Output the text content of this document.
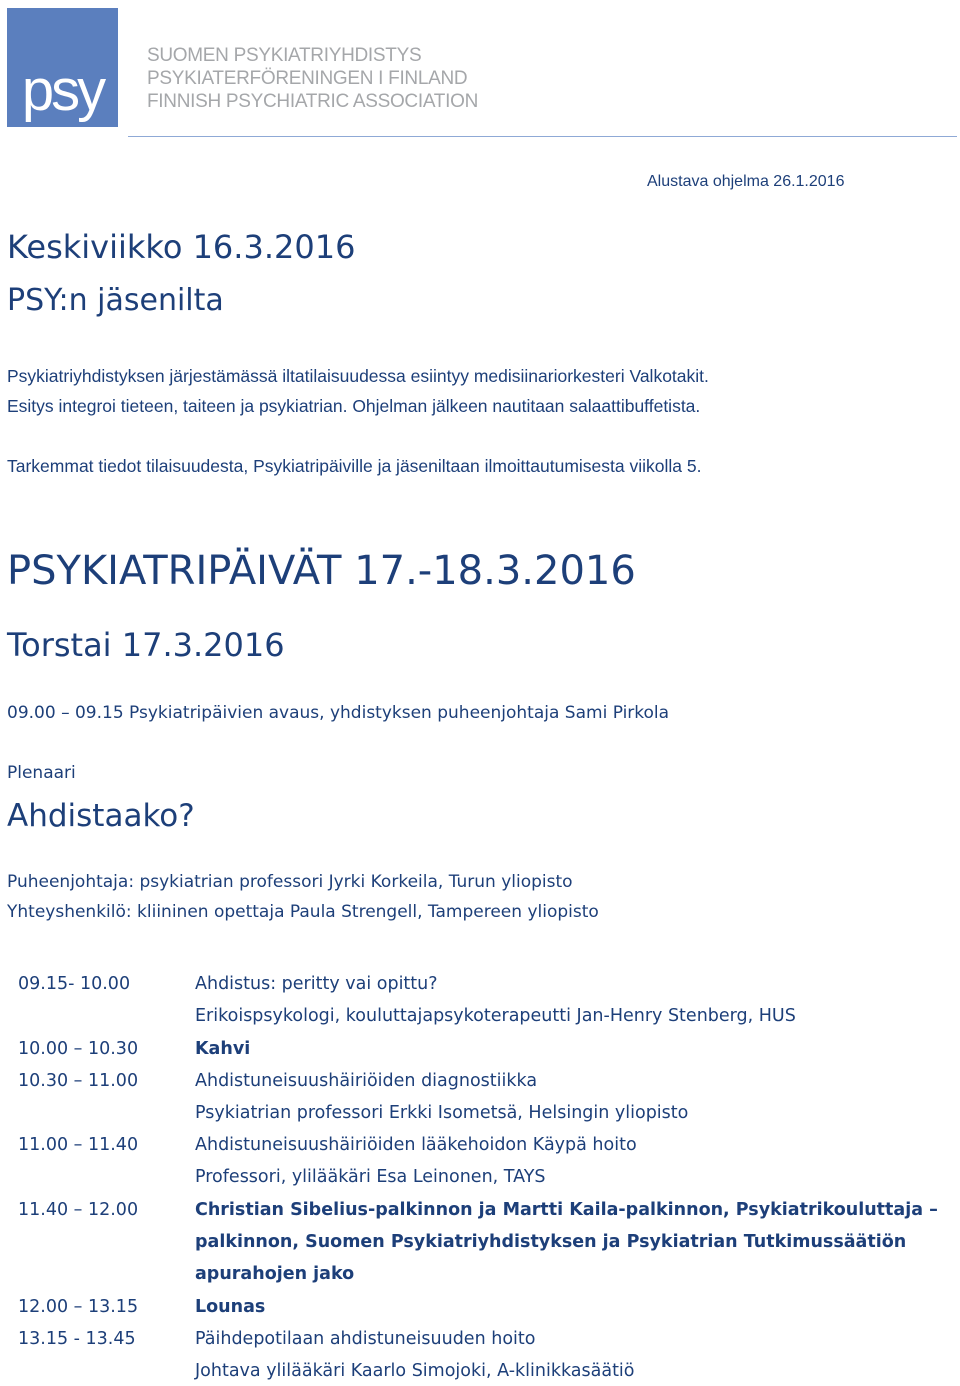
psy
SUOMEN PSYKIATRIYHDISTYS
PSYKIATERFÖRENINGEN I FINLAND
FINNISH PSYCHIATRIC ASSOCIATION
Alustava ohjelma 26.1.2016
Keskiviikko 16.3.2016
PSY:n jäsenilta
Psykiatriyhdistyksen järjestämässä iltatilaisuudessa esiintyy medisiinariorkesteri Valkotakit.
Esitys integroi tieteen, taiteen ja psykiatrian. Ohjelman jälkeen nautitaan salaattibuffetista.
Tarkemmat tiedot tilaisuudesta, Psykiatripäiville ja jäseniltaan ilmoittautumisesta viikolla 5.
PSYKIATRIPÄIVÄT 17.-18.3.2016
Torstai 17.3.2016
09.00 – 09.15 Psykiatripäivien avaus, yhdistyksen puheenjohtaja Sami Pirkola
Plenaari
Ahdistaako?
Puheenjohtaja: psykiatrian professori Jyrki Korkeila, Turun yliopisto
Yhteyshenkilö: kliininen opettaja Paula Strengell, Tampereen yliopisto
09.15- 10.00	Ahdistus: peritty vai opittu?
Erikoispsykologi, kouluttajapsykoterapeutti Jan-Henry Stenberg, HUS
10.00 – 10.30	Kahvi
10.30 – 11.00	Ahdistuneisuushäiriöiden diagnostiikka
Psykiatrian professori Erkki Isometsä, Helsingin yliopisto
11.00 – 11.40	Ahdistuneisuushäiriöiden lääkehoidon Käypä hoito
Professori, ylilääkäri Esa Leinonen, TAYS
11.40 – 12.00	Christian Sibelius-palkinnon ja Martti Kaila-palkinnon, Psykiatrikouluttaja –
palkinnon, Suomen Psykiatriyhdistyksen ja Psykiatrian Tutkimussäätiön
apurahojen jako
12.00 – 13.15	Lounas
13.15 - 13.45	Päihdepotilaan ahdistuneisuuden hoito
Johtava ylilääkäri Kaarlo Simojoki, A-klinikkasäätiö
